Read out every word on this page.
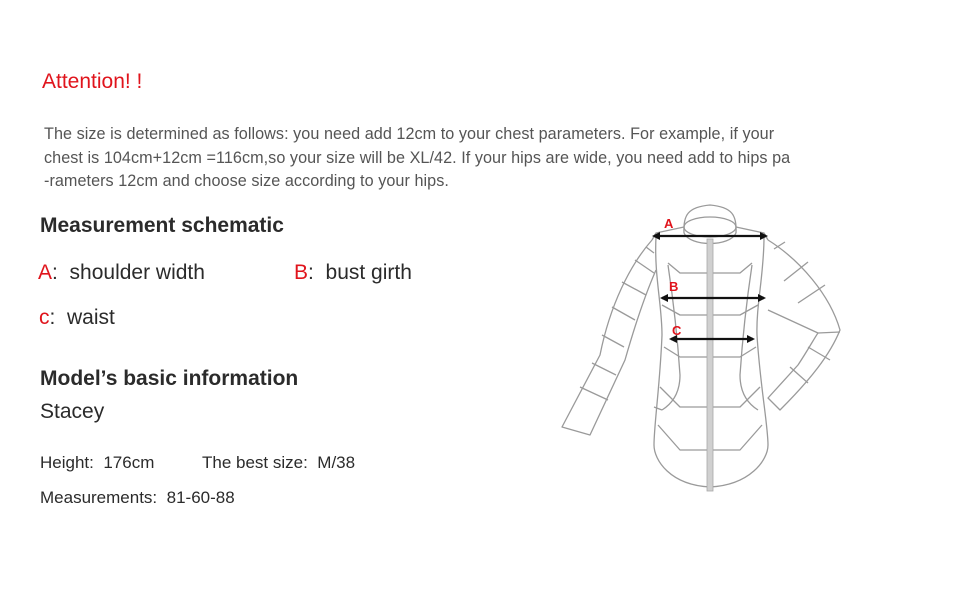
Attention! !
The size is determined as follows: you need add 12cm to your chest parameters. For example, if your
chest is 104cm+12cm =116cm,so your size will be XL/42. If your hips are wide, you need add to hips pa
-rameters 12cm and choose size according to your hips.
Measurement schematic
A:  shoulder width	B:  bust girth
c:  waist
Model’s basic information
Stacey
Height: 176cm	The best size: M/38
Measurements: 81-60-88
A
B
C
